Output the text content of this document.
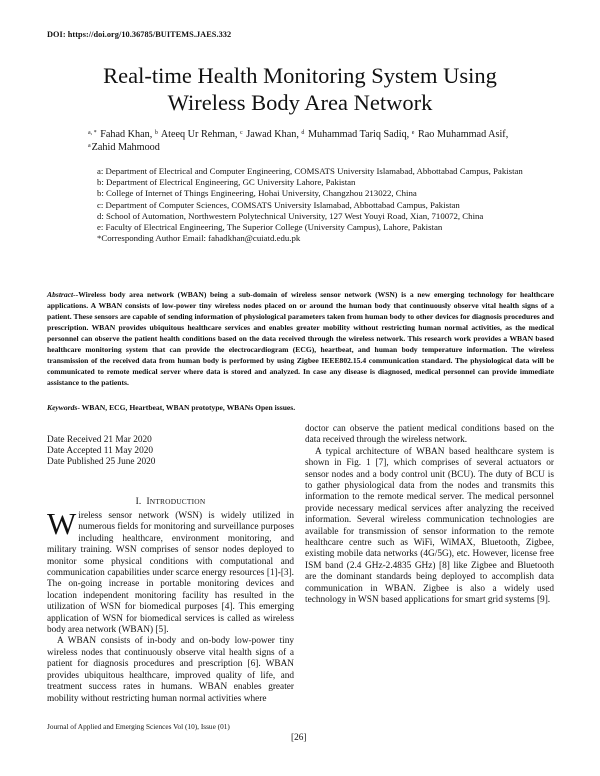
DOI: https://doi.org/10.36785/BUITEMS.JAES.332
Real-time Health Monitoring System Using
Wireless Body Area Network
$^{a, *}$ Fahad Khan, $^b$ Ateeq Ur Rehman, $^c$ Jawad Khan, $^d$ Muhammad Tariq Sadiq, $^e$ Rao Muhammad Asif,
$^a$Zahid Mahmood
a: Department of Electrical and Computer Engineering, COMSATS University Islamabad, Abbottabad Campus, Pakistan
b: Department of Electrical Engineering, GC University Lahore, Pakistan
b: College of Internet of Things Engineering, Hohai University, Changzhou 213022, China
c: Department of Computer Sciences, COMSATS University Islamabad, Abbottabad Campus, Pakistan
d: School of Automation, Northwestern Polytechnical University, 127 West Youyi Road, Xian, 710072, China
e: Faculty of Electrical Engineering, The Superior College (University Campus), Lahore, Pakistan
*Corresponding Author Email: fahadkhan@cuiatd.edu.pk
Abstract--Wireless body area network (WBAN) being a sub-domain of wireless sensor network (WSN) is a new emerging technology for healthcare applications. A WBAN consists of low-power tiny wireless nodes placed on or around the human body that continuously observe vital health signs of a patient. These sensors are capable of sending information of physiological parameters taken from human body to other devices for diagnosis procedures and prescription. WBAN provides ubiquitous healthcare services and enables greater mobility without restricting human normal activities, as the medical personnel can observe the patient health conditions based on the data received through the wireless network. This research work provides a WBAN based healthcare monitoring system that can provide the electrocardiogram (ECG), heartbeat, and human body temperature information. The wireless transmission of the received data from human body is performed by using Zigbee IEEE802.15.4 communication standard. The physiological data will be communicated to remote medical server where data is stored and analyzed. In case any disease is diagnosed, medical personnel can provide immediate assistance to the patients.
Keywords- WBAN, ECG, Heartbeat, WBAN prototype, WBANs Open issues.
Date Received 21 Mar 2020
Date Accepted 11 May 2020
Date Published 25 June 2020
I. INTRODUCTION

Wireless sensor network (WSN) is widely utilized in numerous fields for monitoring and surveillance purposes including healthcare, environment monitoring, and military training. WSN comprises of sensor nodes deployed to monitor some physical conditions with computational and communication capabilities under scarce energy resources [1]-[3]. The on-going increase in portable monitoring devices and location independent monitoring facility has resulted in the utilization of WSN for biomedical purposes [4]. This emerging application of WSN for biomedical services is called as wireless body area network (WBAN) [5].

A WBAN consists of in-body and on-body low-power tiny wireless nodes that continuously observe vital health signs of a patient for diagnosis procedures and prescription [6]. WBAN provides ubiquitous healthcare, improved quality of life, and treatment success rates in humans. WBAN enables greater mobility without restricting human normal activities where

doctor can observe the patient medical conditions based on the data received through the wireless network.

A typical architecture of WBAN based healthcare system is shown in Fig. 1 [7], which comprises of several actuators or sensor nodes and a body control unit (BCU). The duty of BCU is to gather physiological data from the nodes and transmits this information to the remote medical server. The medical personnel provide necessary medical services after analyzing the received information. Several wireless communication technologies are available for transmission of sensor information to the remote healthcare centre such as WiFi, WiMAX, Bluetooth, Zigbee, existing mobile data networks (4G/5G), etc. However, license free ISM band (2.4 GHz-2.4835 GHz) [8] like Zigbee and Bluetooth are the dominant standards being deployed to accomplish data communication in WBAN. Zigbee is also a widely used technology in WSN based applications for smart grid systems [9].

Journal of Applied and Emerging Sciences Vol (10), Issue (01)
[26]
